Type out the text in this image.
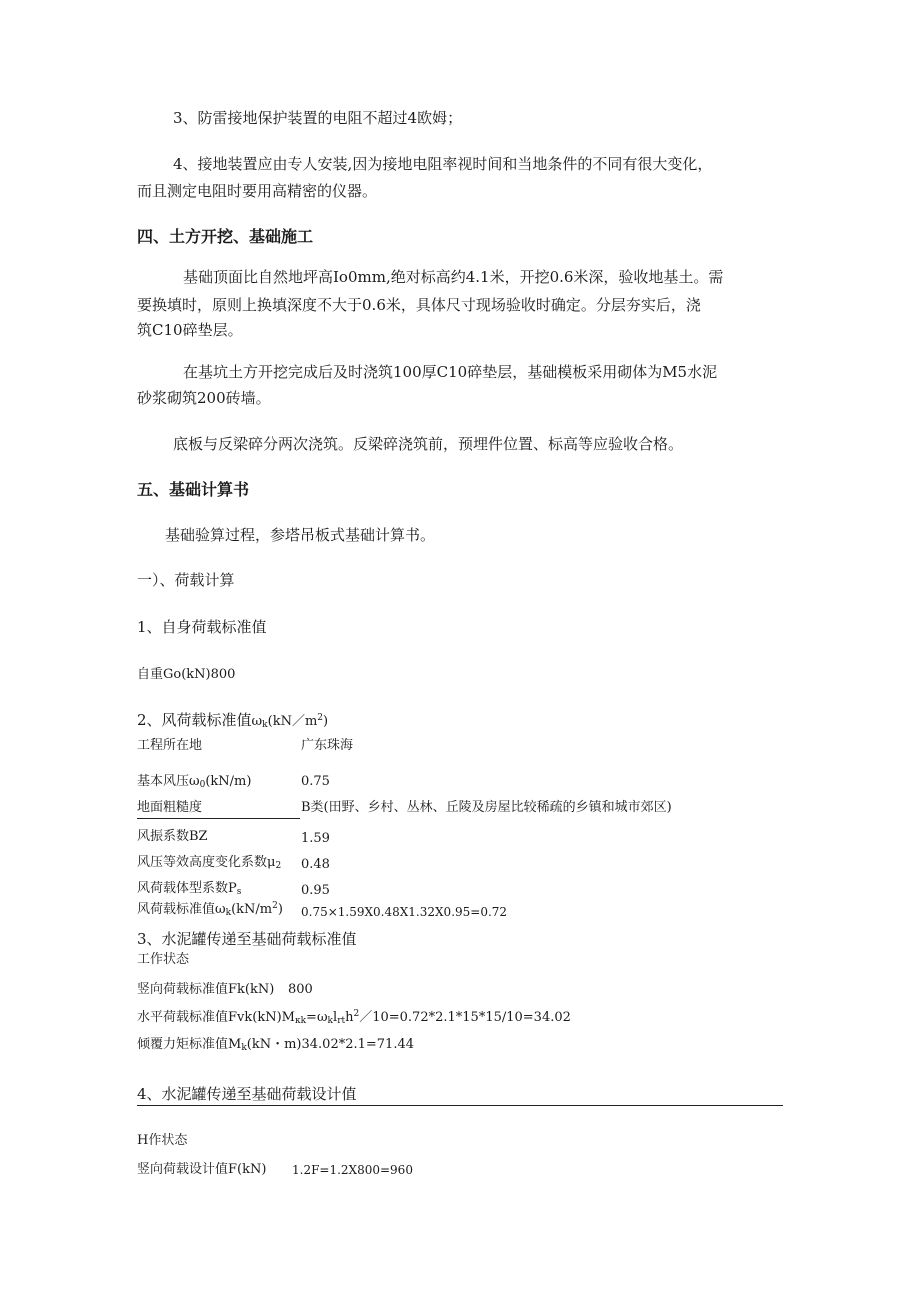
3、防雷接地保护装置的电阻不超过4欧姆；
4、接地装置应由专人安装,因为接地电阻率视时间和当地条件的不同有很大变化，
而且测定电阻时要用高精密的仪器。
四、土方开挖、基础施工
基础顶面比自然地坪高Io0mm,绝对标高约4.1米，开挖0.6米深，验收地基土。需
要换填时，原则上换填深度不大于0.6米，具体尺寸现场验收时确定。分层夯实后，浇
筑C10碎垫层。
在基坑土方开挖完成后及时浇筑100厚C10碎垫层，基础模板采用砌体为M5水泥
砂浆砌筑200砖墙。
底板与反梁碎分两次浇筑。反梁碎浇筑前，预埋件位置、标高等应验收合格。
五、基础计算书
基础验算过程，参塔吊板式基础计算书。
一）、荷载计算
1、自身荷载标准值
自重Go(kN)800
2、风荷载标准值$\omega_k(kN/m^2)$
工程所在地	广东珠海
基本风压$\omega_0(kN∕m)$	0.75
地面粗糙度	B类(田野、乡村、丛林、丘陵及房屋比较稀疏的乡镇和城市郊区)
风振系数BZ	1.59
风压等效高度变化系数$\mu_2$ 0.48
风荷载体型系数$P_s$	0.95
风荷载标准值$\omega_k(kN∕m^2)$ 0.75×1.59X0.48X1.32X0.95=0.72
3、水泥罐传递至基础荷载标准值
工作状态
竖向荷载标准值Fk(kN) 800
水平荷载标准值$Fvk(kN)M_{\kappa k}=\omega_kl_{rt}h^2/10=0.72*2.1*15*15/10=34.02$
倾覆力矩标准值$M_k(kN$・m)34.02*2.1=71.44
4、水泥罐传递至基础荷载设计值
H作状态
竖向荷载设计值F(kN) 1.2F=1.2X800=960
